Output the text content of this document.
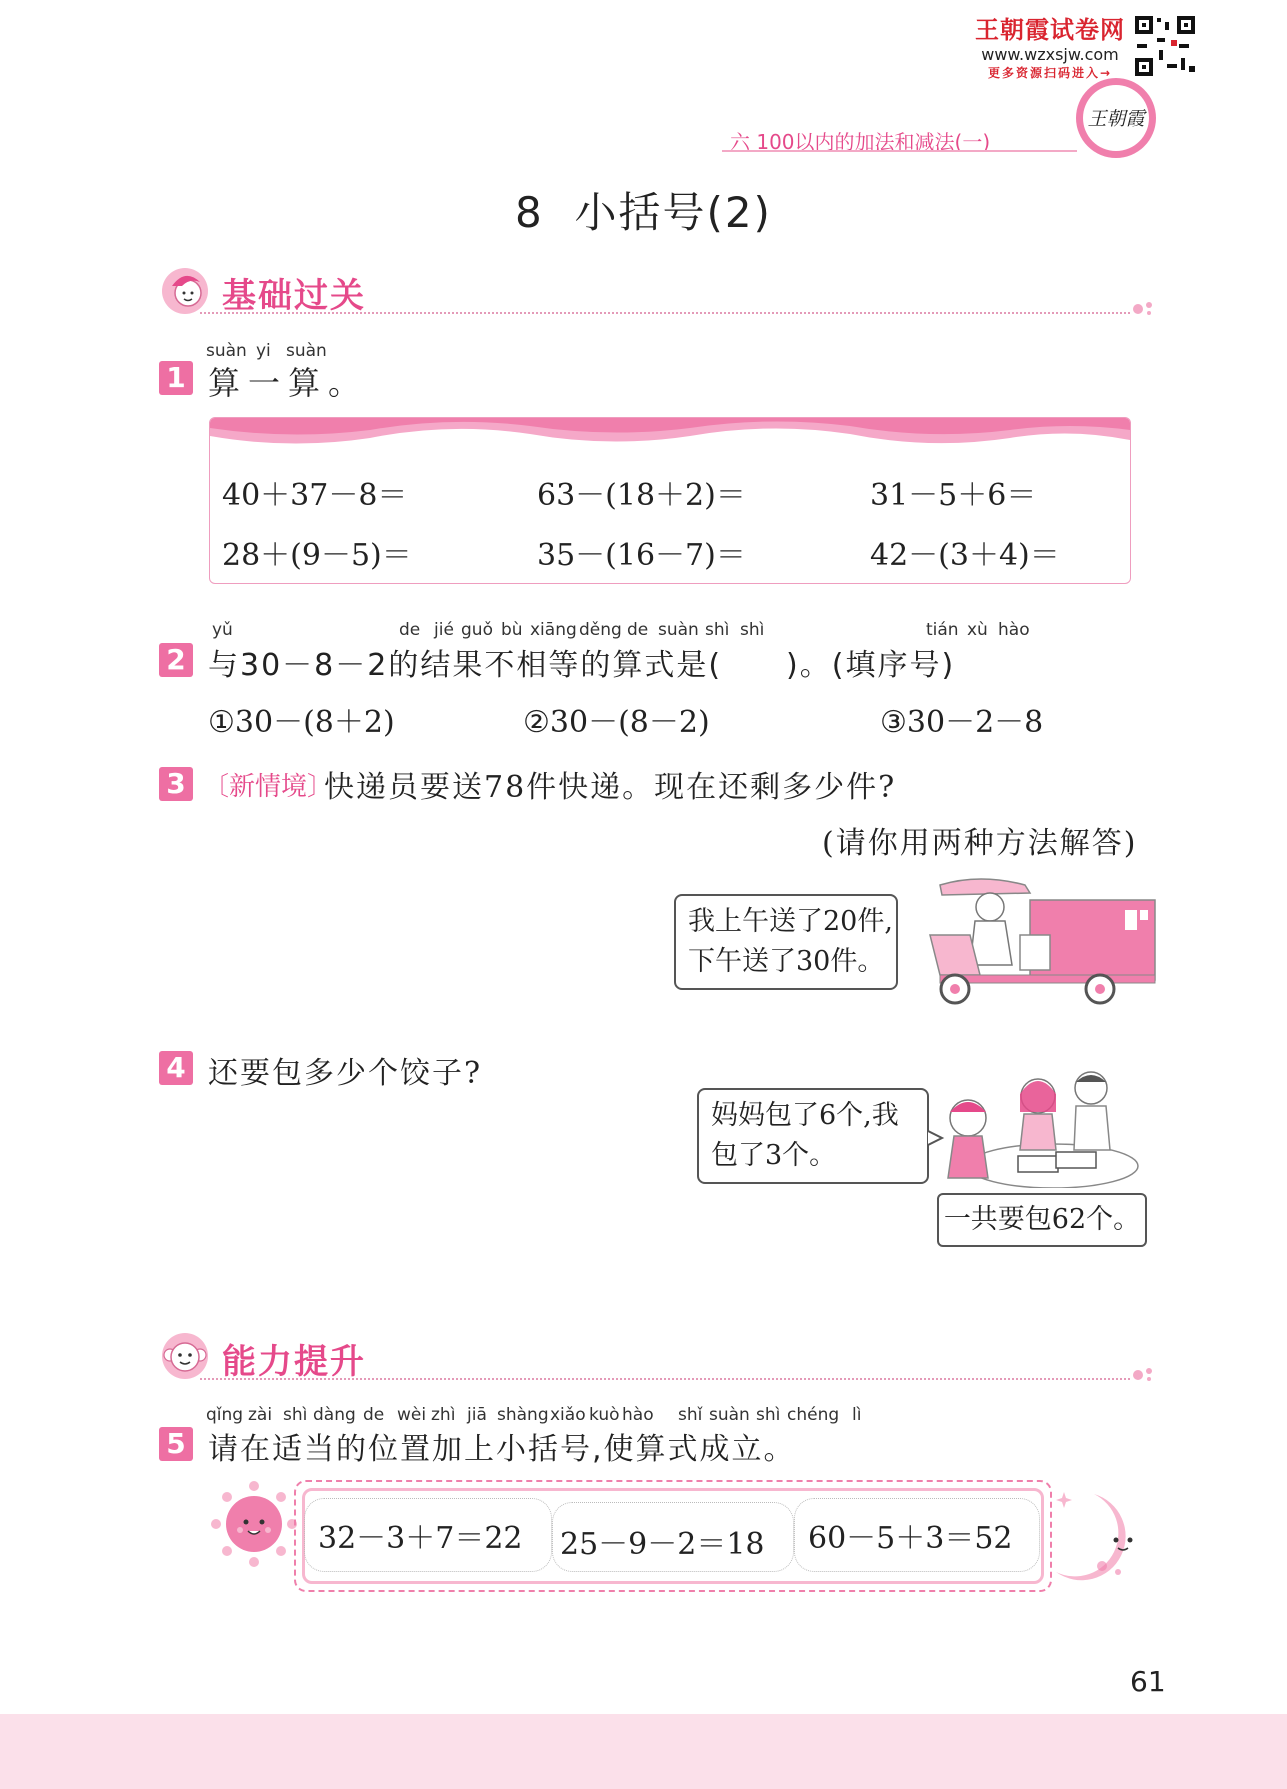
王朝霞试卷网
www.wzxsjw.com
更多资源扫码进入→
王朝霞
六 100以内的加法和减法(一)
8  小括号(2)
基础过关
suàn yi suàn
1 算一算。
40＋37－8＝	63－(18＋2)＝	31－5＋6＝
28＋(9－5)＝	35－(16－7)＝	42－(3＋4)＝
yǔ	de jié guǒ bù xiāng děng de suàn shì shì	tián xù hào
2 与30－8－2的结果不相等的算式是(　　)。(填序号)
①30－(8＋2)	②30－(8－2)	③30－2－8
3 〔新情境〕
快递员要送78件快递。现在还剩多少件?
(请你用两种方法解答)
我上午送了20件,
下午送了30件。
4 还要包多少个饺子?
妈妈包了6个,我
包了3个。
一共要包62个。
能力提升
qǐng zài shì dàng de wèi zhì jiā shàng xiǎo kuò hào shǐ suàn shì chéng lì
5 请在适当的位置加上小括号,使算式成立。
32－3＋7＝22 25－9－2＝18 60－5＋3＝52
61
